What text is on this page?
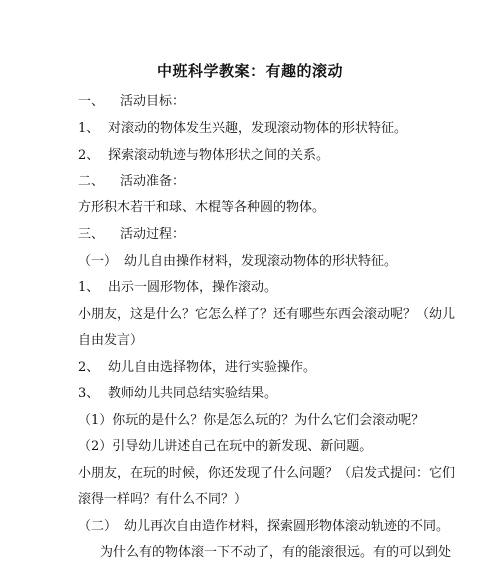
中班科学教案：有趣的滚动
一、 活动目标：
1、 对滚动的物体发生兴趣，发现滚动物体的形状特征。
2、 探索滚动轨迹与物体形状之间的关系。
二、 活动准备：
方形积木若干和球、木棍等各种圆的物体。
三、 活动过程：
（一） 幼儿自由操作材料，发现滚动物体的形状特征。
1、 出示一圆形物体，操作滚动。
小朋友，这是什么？它怎么样了？还有哪些东西会滚动呢？（幼儿
自由发言）
2、 幼儿自由选择物体，进行实验操作。
3、 教师幼儿共同总结实验结果。
（1）你玩的是什么？你是怎么玩的？为什么它们会滚动呢？
（2）引导幼儿讲述自己在玩中的新发现、新问题。
小朋友，在玩的时候，你还发现了什么问题？（启发式提问：它们
滚得一样吗？有什么不同？）
（二） 幼儿再次自由造作材料，探索圆形物体滚动轨迹的不同。
为什么有的物体滚一下不动了，有的能滚很远。有的可以到处
